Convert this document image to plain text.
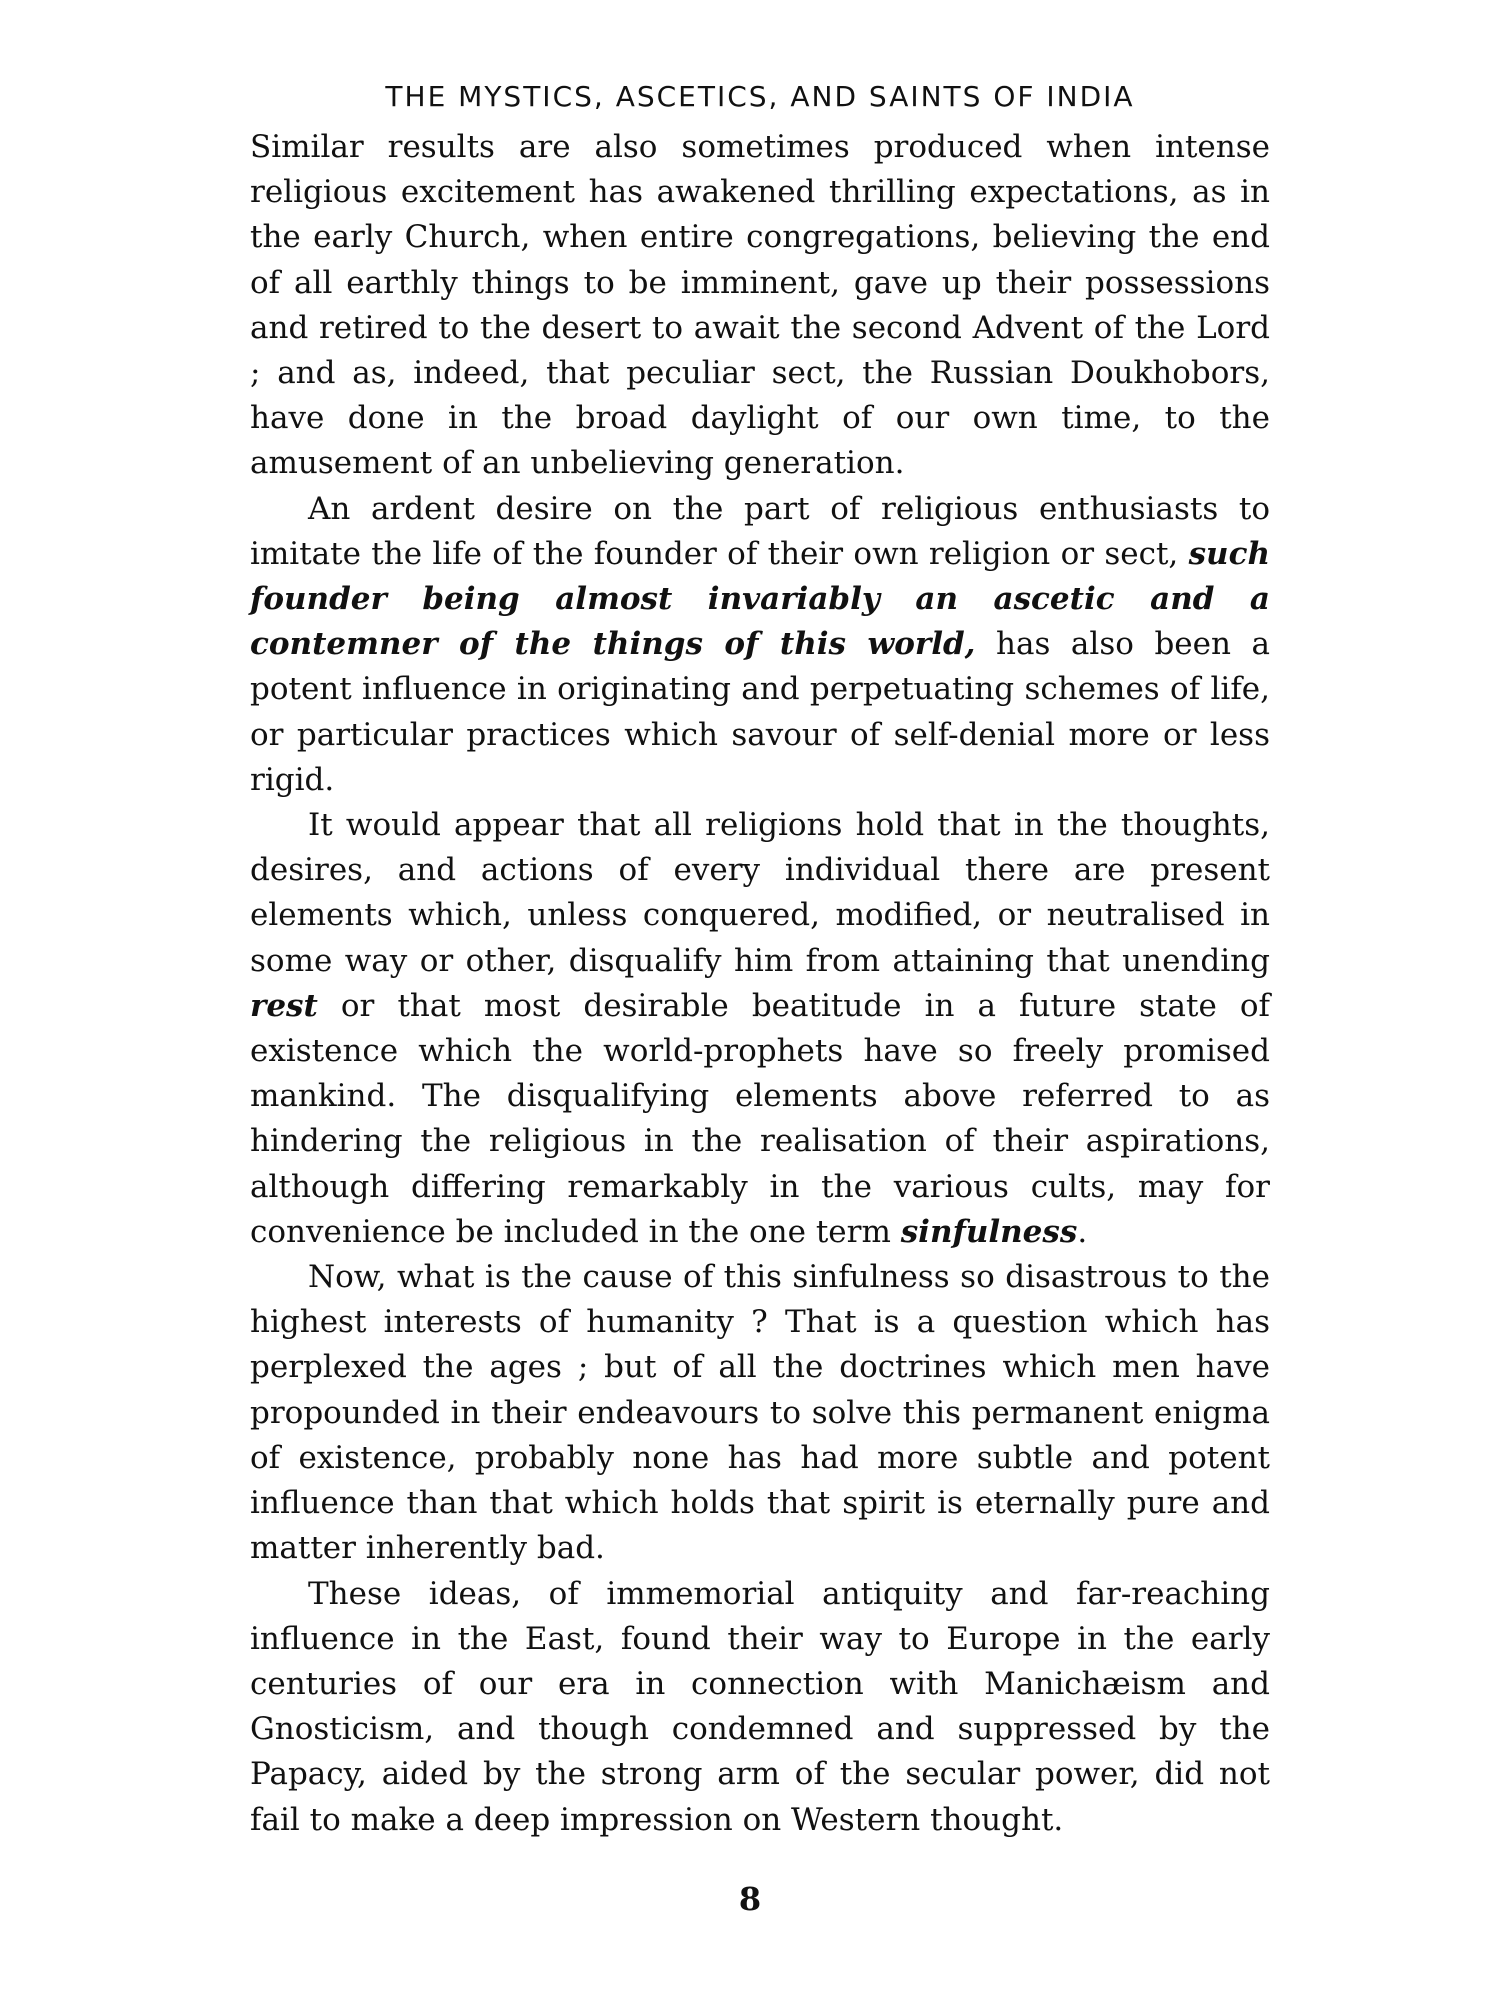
THE MYSTICS, ASCETICS, AND SAINTS OF INDIA

Similar results are also sometimes produced when intense religious excitement has awakened thrilling expectations, as in the early Church, when entire congregations, believing the end of all earthly things to be imminent, gave up their possessions and retired to the desert to await the second Advent of the Lord ; and as, indeed, that peculiar sect, the Russian Doukhobors, have done in the broad daylight of our own time, to the amusement of an unbelieving generation.

An ardent desire on the part of religious enthusiasts to imitate the life of the founder of their own religion or sect, such founder being almost invariably an ascetic and a contemner of the things of this world, has also been a potent influence in originating and perpetuating schemes of life, or particular practices which savour of self-denial more or less rigid.

It would appear that all religions hold that in the thoughts, desires, and actions of every individual there are present elements which, unless conquered, modified, or neutralised in some way or other, disqualify him from attaining that unending rest or that most desirable beatitude in a future state of existence which the world-prophets have so freely promised mankind. The disqualifying elements above referred to as hindering the religious in the realisation of their aspirations, although differing remarkably in the various cults, may for convenience be included in the one term sinfulness.

Now, what is the cause of this sinfulness so disastrous to the highest interests of humanity ? That is a question which has perplexed the ages ; but of all the doctrines which men have propounded in their endeavours to solve this permanent enigma of existence, probably none has had more subtle and potent influence than that which holds that spirit is eternally pure and matter inherently bad.

These ideas, of immemorial antiquity and far-reaching influence in the East, found their way to Europe in the early centuries of our era in connection with Manichæism and Gnosticism, and though condemned and suppressed by the Papacy, aided by the strong arm of the secular power, did not fail to make a deep impression on Western thought.

8
